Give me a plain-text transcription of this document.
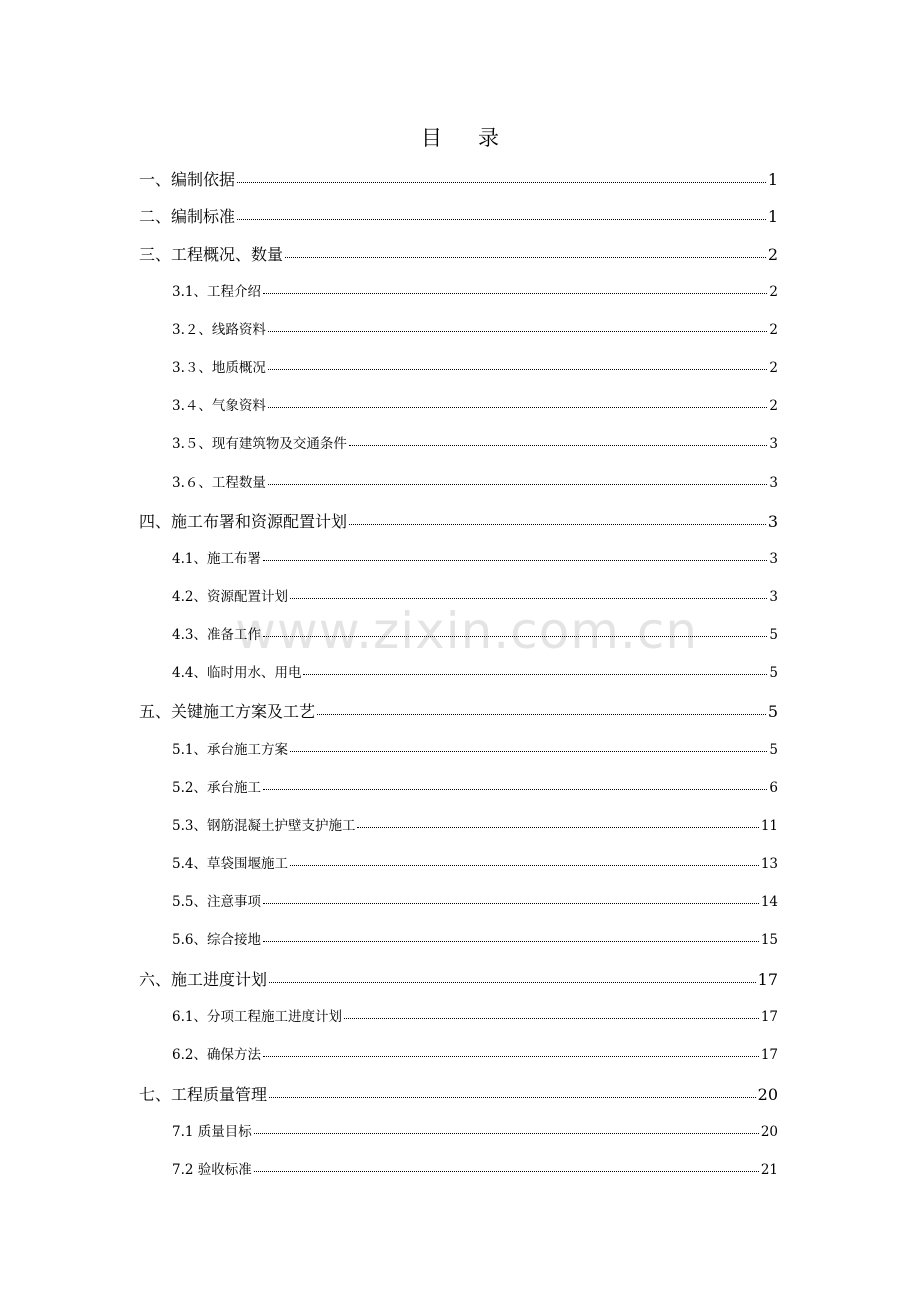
目 录
www.zixin.com.cn
一、编制依据	1
二、编制标准	1
三、工程概况、数量	2
3.1、工程介绍	2
3.２、线路资料	2
3.３、地质概况	2
3.４、气象资料	2
3.５、现有建筑物及交通条件	3
3.６、工程数量	3
四、施工布署和资源配置计划	3
4.1、施工布署	3
4.2、资源配置计划	3
4.3、准备工作	5
4.4、临时用水、用电	5
五、关键施工方案及工艺	5
5.1、承台施工方案	5
5.2、承台施工	6
5.3、钢筋混凝土护壁支护施工	11
5.4、草袋围堰施工	13
5.5、注意事项	14
5.6、综合接地	15
六、施工进度计划	17
6.1、分项工程施工进度计划	17
6.2、确保方法	17
七、工程质量管理	20
7.1 质量目标	20
7.2 验收标准	21
